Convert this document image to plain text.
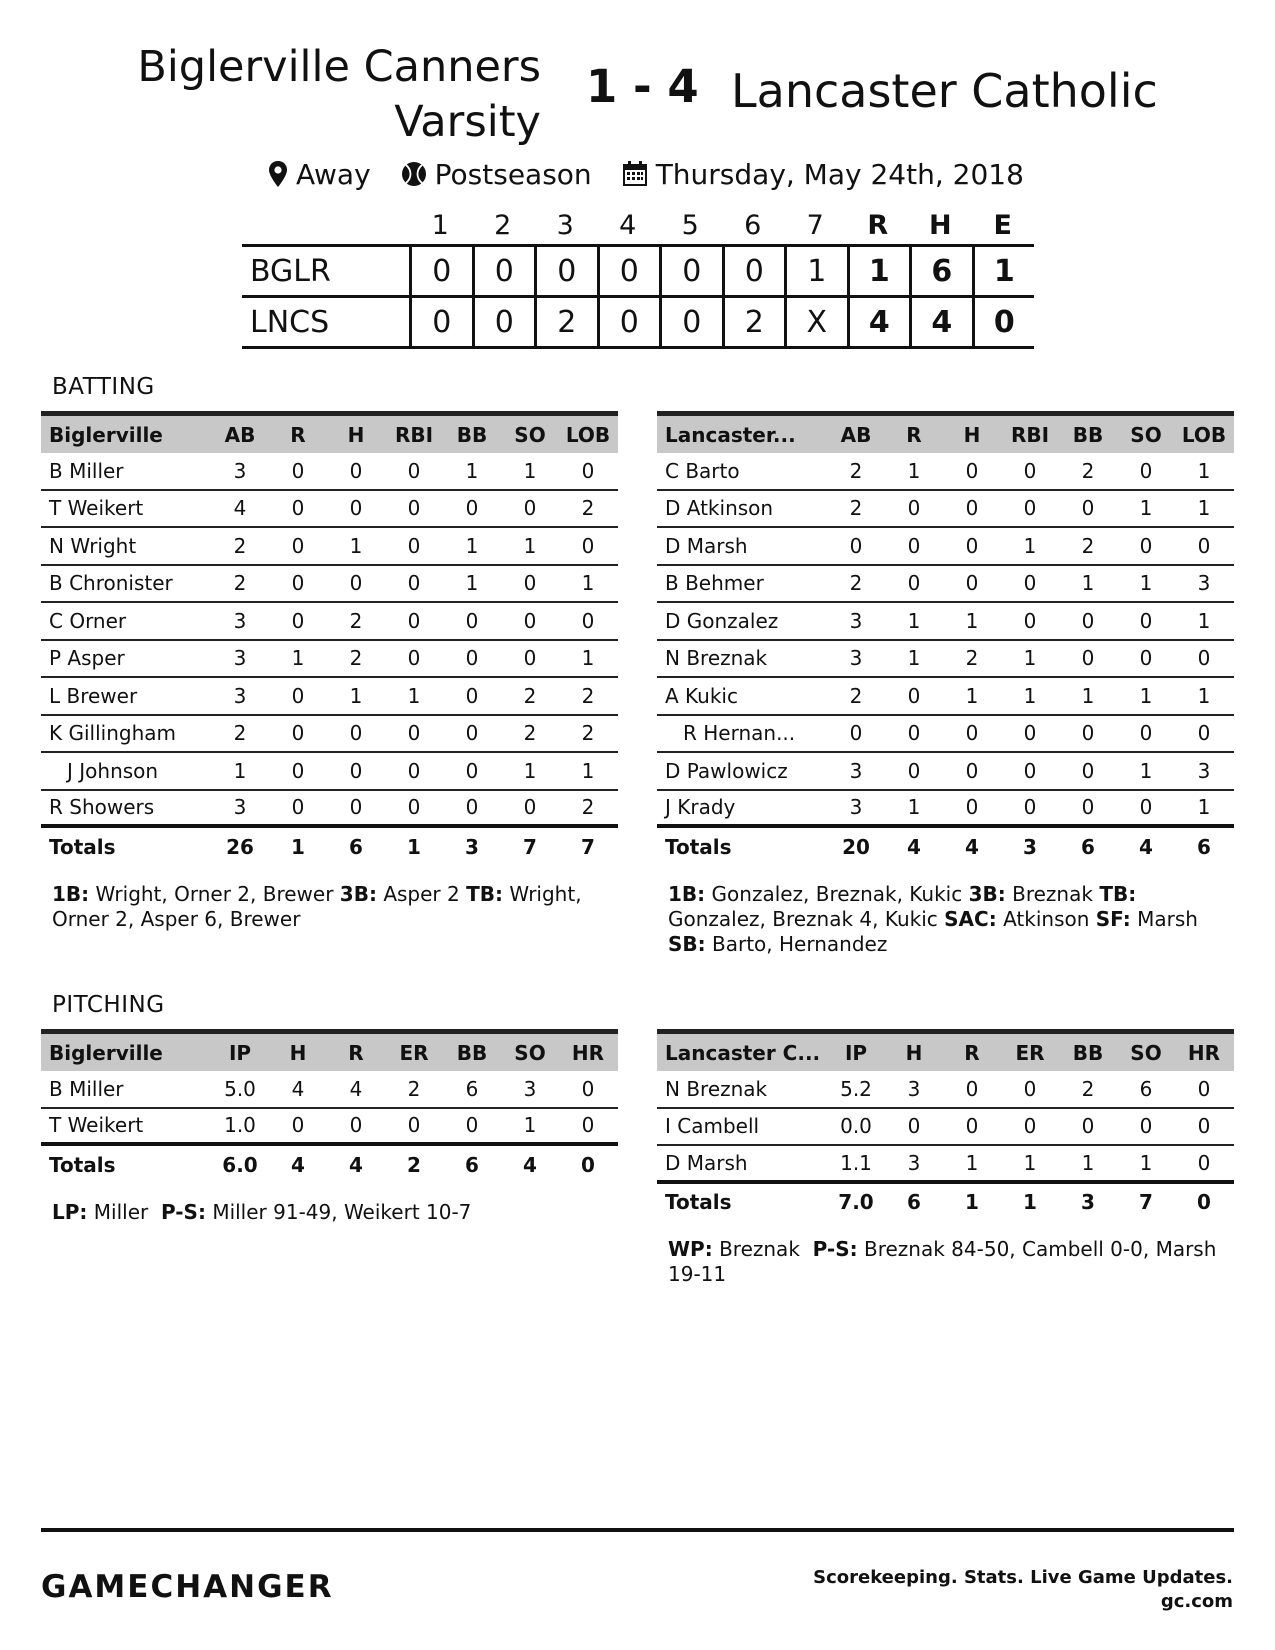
Biglerville Canners
Varsity
1 - 4 Lancaster Catholic
Away Postseason Thursday, May 24th, 2018
1	2	3	4	5	6	7	R	H	E
BGLR	0	0	0	0	0	0	1	1	6	1
LNCS	0	0	2	0	0	2	X	4	4	0
BATTING
Biglerville	AB	R	H	RBI	BB	SO	LOB
B Miller	3	0	0	0	1	1	0
T Weikert	4	0	0	0	0	0	2
N Wright	2	0	1	0	1	1	0
B Chronister	2	0	0	0	1	0	1
C Orner	3	0	2	0	0	0	0
P Asper	3	1	2	0	0	0	1
L Brewer	3	0	1	1	0	2	2
K Gillingham	2	0	0	0	0	2	2
J Johnson	1	0	0	0	0	1	1
R Showers	3	0	0	0	0	0	2
Totals	26	1	6	1	3	7	7
Lancaster...	AB	R	H	RBI	BB	SO	LOB
C Barto	2	1	0	0	2	0	1
D Atkinson	2	0	0	0	0	1	1
D Marsh	0	0	0	1	2	0	0
B Behmer	2	0	0	0	1	1	3
D Gonzalez	3	1	1	0	0	0	1
N Breznak	3	1	2	1	0	0	0
A Kukic	2	0	1	1	1	1	1
R Hernan...	0	0	0	0	0	0	0
D Pawlowicz	3	0	0	0	0	1	3
J Krady	3	1	0	0	0	0	1
Totals	20	4	4	3	6	4	6
1B: Wright, Orner 2, Brewer 3B: Asper 2 TB: Wright, Orner 2, Asper 6, Brewer
1B: Gonzalez, Breznak, Kukic 3B: Breznak TB: Gonzalez, Breznak 4, Kukic SAC: Atkinson SF: Marsh SB: Barto, Hernandez
PITCHING
Biglerville	IP	H	R	ER	BB	SO	HR
B Miller	5.0	4	4	2	6	3	0
T Weikert	1.0	0	0	0	0	1	0
Totals	6.0	4	4	2	6	4	0
Lancaster C...	IP	H	R	ER	BB	SO	HR
N Breznak	5.2	3	0	0	2	6	0
I Cambell	0.0	0	0	0	0	0	0
D Marsh	1.1	3	1	1	1	1	0
Totals	7.0	6	1	1	3	7	0
LP: Miller P-S: Miller 91-49, Weikert 10-7
WP: Breznak P-S: Breznak 84-50, Cambell 0-0, Marsh 19-11
GAMECHANGER	Scorekeeping. Stats. Live Game Updates.
gc.com
